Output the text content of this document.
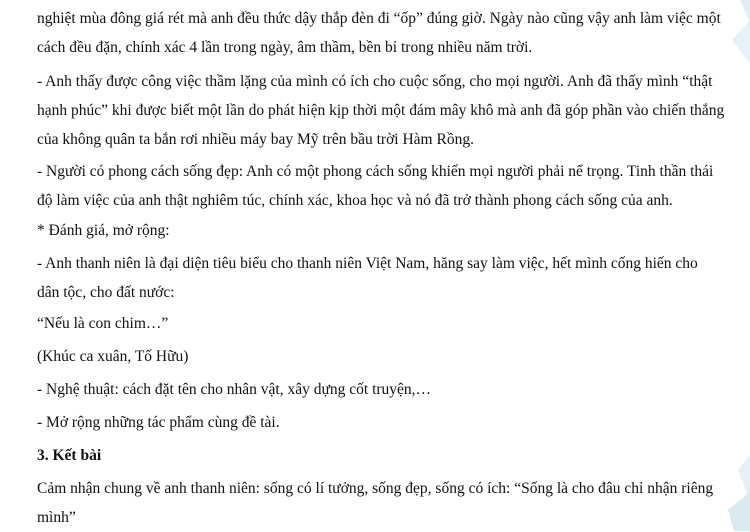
nghiệt mùa đông giá rét mà anh đều thức dậy thắp đèn đi “ốp” đúng giờ. Ngày nào cũng vậy anh làm việc một
cách đều đặn, chính xác 4 lần trong ngày, âm thầm, bền bỉ trong nhiều năm trời.

- Anh thấy được công việc thầm lặng của mình có ích cho cuộc sống, cho mọi người. Anh đã thấy mình “thật
hạnh phúc” khi được biết một lần do phát hiện kịp thời một đám mây khô mà anh đã góp phần vào chiến thắng
của không quân ta bắn rơi nhiều máy bay Mỹ trên bầu trời Hàm Rồng.

- Người có phong cách sống đẹp: Anh có một phong cách sống khiến mọi người phải nể trọng. Tinh thần thái
độ làm việc của anh thật nghiêm túc, chính xác, khoa học và nó đã trở thành phong cách sống của anh.

* Đánh giá, mở rộng:

- Anh thanh niên là đại diện tiêu biểu cho thanh niên Việt Nam, hăng say làm việc, hết mình cống hiến cho
dân tộc, cho đất nước:

“Nếu là con chim…”

(Khúc ca xuân, Tố Hữu)

- Nghệ thuật: cách đặt tên cho nhân vật, xây dựng cốt truyện,…

- Mở rộng những tác phẩm cùng đề tài.

3. Kết bài

Cảm nhận chung về anh thanh niên: sống có lí tưởng, sống đẹp, sống có ích: “Sống là cho đâu chỉ nhận riêng
mình”
